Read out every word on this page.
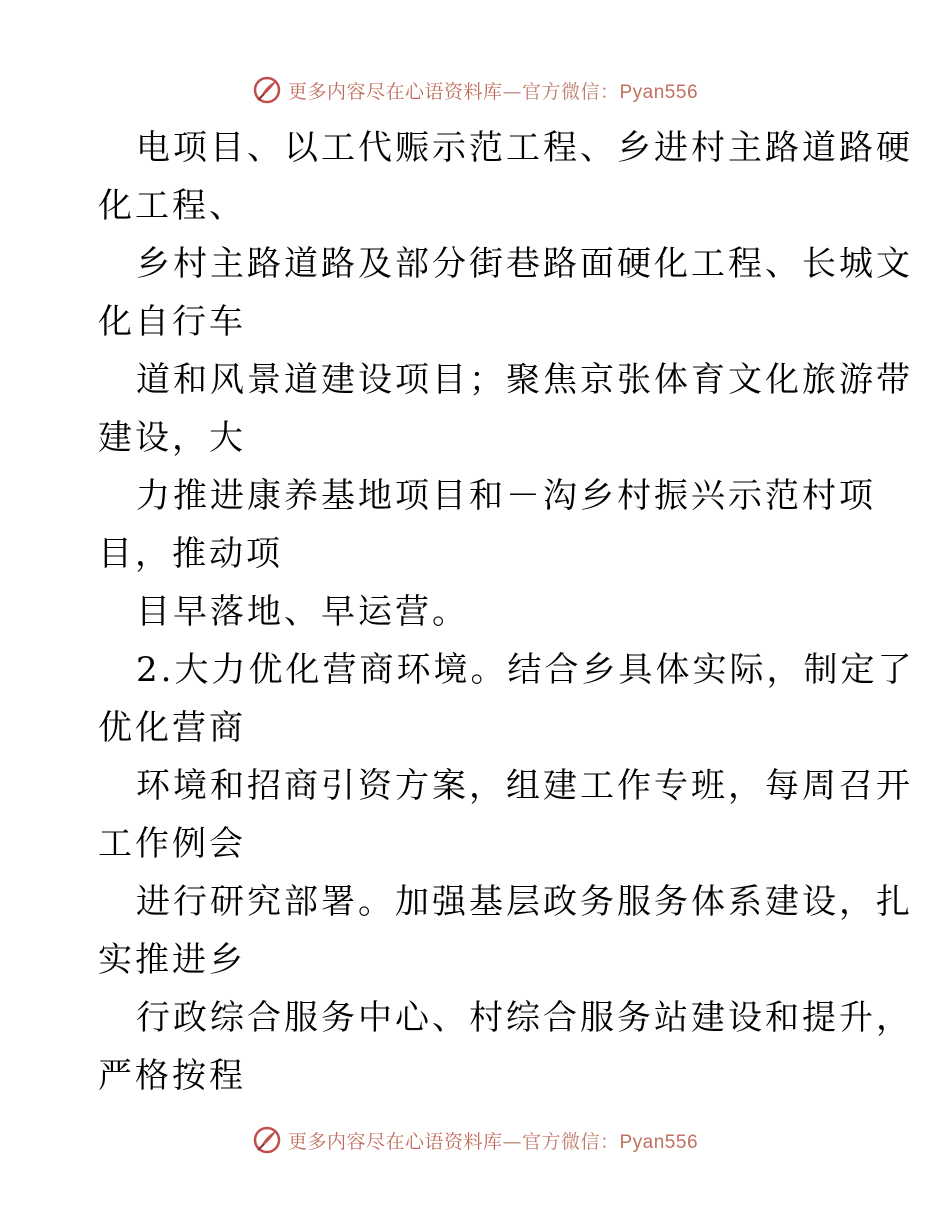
更多内容尽在心语资料库—官方微信：Pyan556
电项目、以工代赈示范工程、乡进村主路道路硬
化工程、
乡村主路道路及部分街巷路面硬化工程、长城文
化自行车
道和风景道建设项目；聚焦京张体育文化旅游带
建设，大
力推进康养基地项目和－沟乡村振兴示范村项
目，推动项
目早落地、早运营。
2.大力优化营商环境。结合乡具体实际，制定了
优化营商
环境和招商引资方案，组建工作专班，每周召开
工作例会
进行研究部署。加强基层政务服务体系建设，扎
实推进乡
行政综合服务中心、村综合服务站建设和提升，
严格按程
更多内容尽在心语资料库—官方微信：Pyan556
